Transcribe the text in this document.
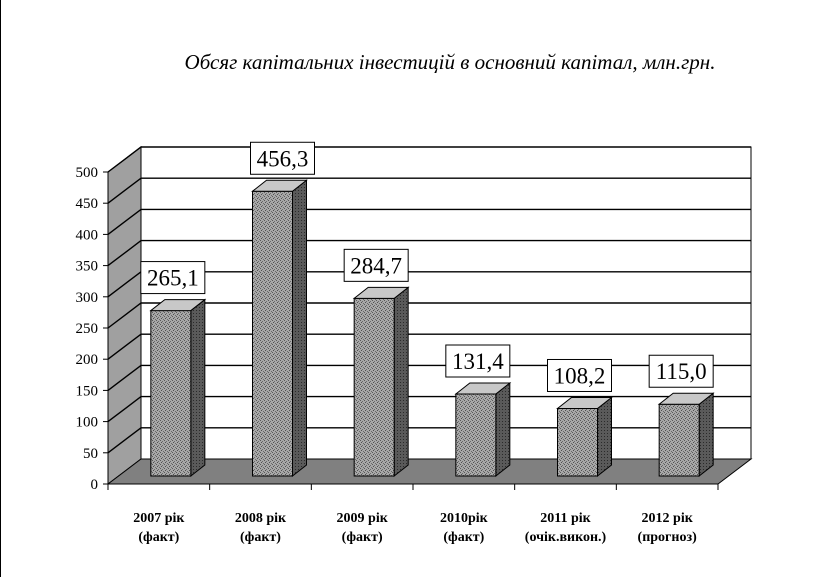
Обсяг капітальних інвестицій в основний капітал, млн.грн.
0
50
100
150
200
250
300
350
400
450
500
265,1
2007 рік
(факт)
456,3
2008 рік
(факт)
284,7
2009 рік
(факт)
131,4
2010рік
(факт)
108,2
2011 рік
(очік.викон.)
115,0
2012 рік
(прогноз)
